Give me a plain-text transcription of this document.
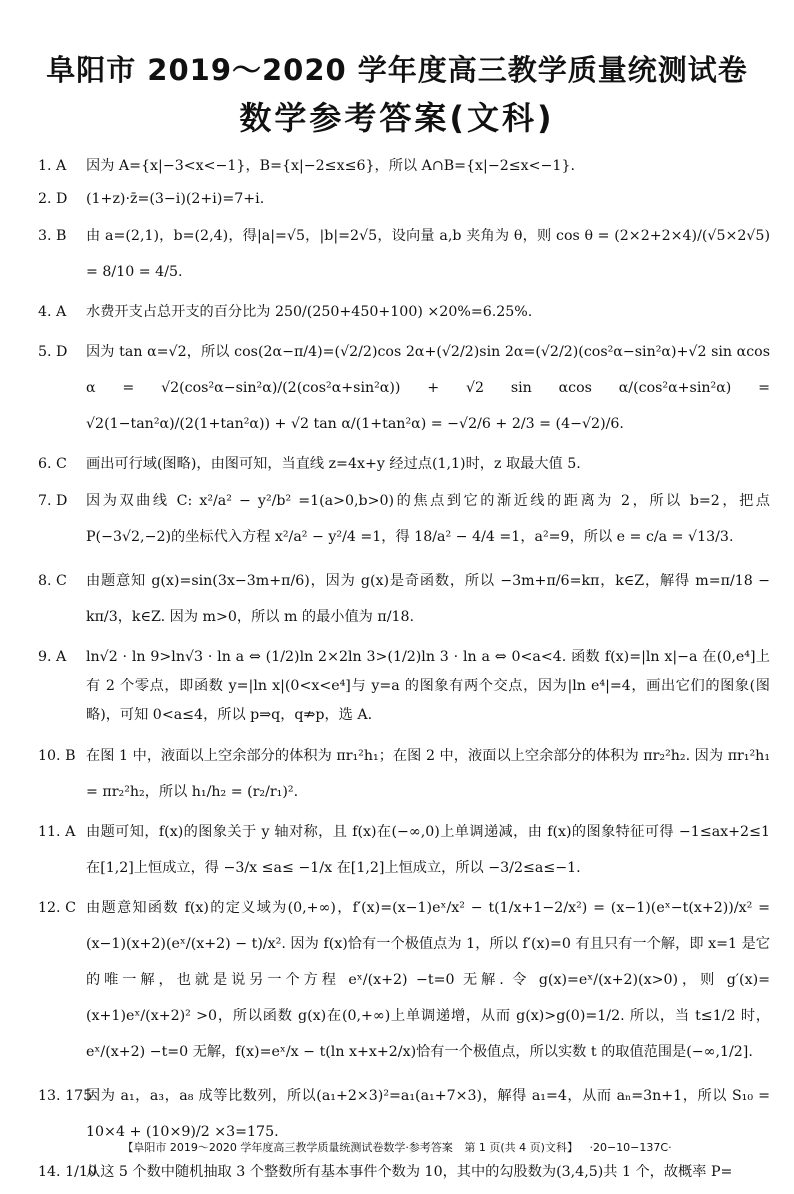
阜阳市 2019～2020 学年度高三教学质量统测试卷
数学参考答案(文科)
1. A 因为 A={x|−3<x<−1}，B={x|−2≤x≤6}，所以 A∩B={x|−2≤x<−1}.
2. D (1+z)·z̄=(3−i)(2+i)=7+i.
3. B 由 a=(2,1)，b=(2,4)，得|a|=√5，|b|=2√5，设向量 a,b 夹角为 θ，则 cos θ = (2×2+2×4)/(√5×2√5) = 8/10 = 4/5.
4. A 水费开支占总开支的百分比为 250/(250+450+100) ×20%=6.25%.
5. D 因为 tan α=√2，所以 cos(2α−π/4)=(√2/2)cos 2α+(√2/2)sin 2α=(√2/2)(cos²α−sin²α)+√2 sin αcos α = √2(cos²α−sin²α)/(2(cos²α+sin²α)) + √2 sin αcos α/(cos²α+sin²α) = √2(1−tan²α)/(2(1+tan²α)) + √2 tan α/(1+tan²α) = −√2/6 + 2/3 = (4−√2)/6.
6. C 画出可行域(图略)，由图可知，当直线 z=4x+y 经过点(1,1)时，z 取最大值 5.
7. D 因为双曲线 C: x²/a² − y²/b² =1(a>0,b>0)的焦点到它的渐近线的距离为 2，所以 b=2，把点 P(−3√2,−2)的坐标代入方程 x²/a² − y²/4 =1，得 18/a² − 4/4 =1，a²=9，所以 e = c/a = √13/3.
8. C 由题意知 g(x)=sin(3x−3m+π/6)，因为 g(x)是奇函数，所以 −3m+π/6=kπ，k∈Z，解得 m=π/18 − kπ/3，k∈Z. 因为 m>0，所以 m 的最小值为 π/18.
9. A ln√2 · ln 9>ln√3 · ln a ⇔ (1/2)ln 2×2ln 3>(1/2)ln 3 · ln a ⇔ 0<a<4. 函数 f(x)=|ln x|−a 在(0,e⁴]上有 2 个零点，即函数 y=|ln x|(0<x<e⁴]与 y=a 的图象有两个交点，因为|ln e⁴|=4，画出它们的图象(图略)，可知 0<a≤4，所以 p⇒q，q⇏p，选 A.
10. B 在图 1 中，液面以上空余部分的体积为 πr₁²h₁；在图 2 中，液面以上空余部分的体积为 πr₂²h₂. 因为 πr₁²h₁ = πr₂²h₂，所以 h₁/h₂ = (r₂/r₁)².
11. A 由题可知，f(x)的图象关于 y 轴对称，且 f(x)在(−∞,0)上单调递减，由 f(x)的图象特征可得 −1≤ax+2≤1 在[1,2]上恒成立，得 −3/x ≤a≤ −1/x 在[1,2]上恒成立，所以 −3/2≤a≤−1.
12. C 由题意知函数 f(x)的定义域为(0,+∞)，f′(x)=(x−1)eˣ/x² − t(1/x+1−2/x²) = (x−1)(eˣ−t(x+2))/x² = (x−1)(x+2)(eˣ/(x+2) − t)/x². 因为 f(x)恰有一个极值点为 1，所以 f′(x)=0 有且只有一个解，即 x=1 是它的唯一解，也就是说另一个方程 eˣ/(x+2) −t=0 无解. 令 g(x)=eˣ/(x+2)(x>0)，则 g′(x)=(x+1)eˣ/(x+2)² >0，所以函数 g(x)在(0,+∞)上单调递增，从而 g(x)>g(0)=1/2. 所以，当 t≤1/2 时，eˣ/(x+2) −t=0 无解，f(x)=eˣ/x − t(ln x+x+2/x)恰有一个极值点，所以实数 t 的取值范围是(−∞,1/2].
13. 175
因为 a₁，a₃，a₈ 成等比数列，所以(a₁+2×3)²=a₁(a₁+7×3)，解得 a₁=4，从而 aₙ=3n+1，所以 S₁₀ = 10×4 + (10×9)/2 ×3=175.
14. 1/10
从这 5 个数中随机抽取 3 个整数所有基本事件个数为 10，其中的勾股数为(3,4,5)共 1 个，故概率 P=
【阜阳市 2019～2020 学年度高三教学质量统测试卷数学·参考答案 第 1 页(共 4 页)文科】 ·20−10−137C·
